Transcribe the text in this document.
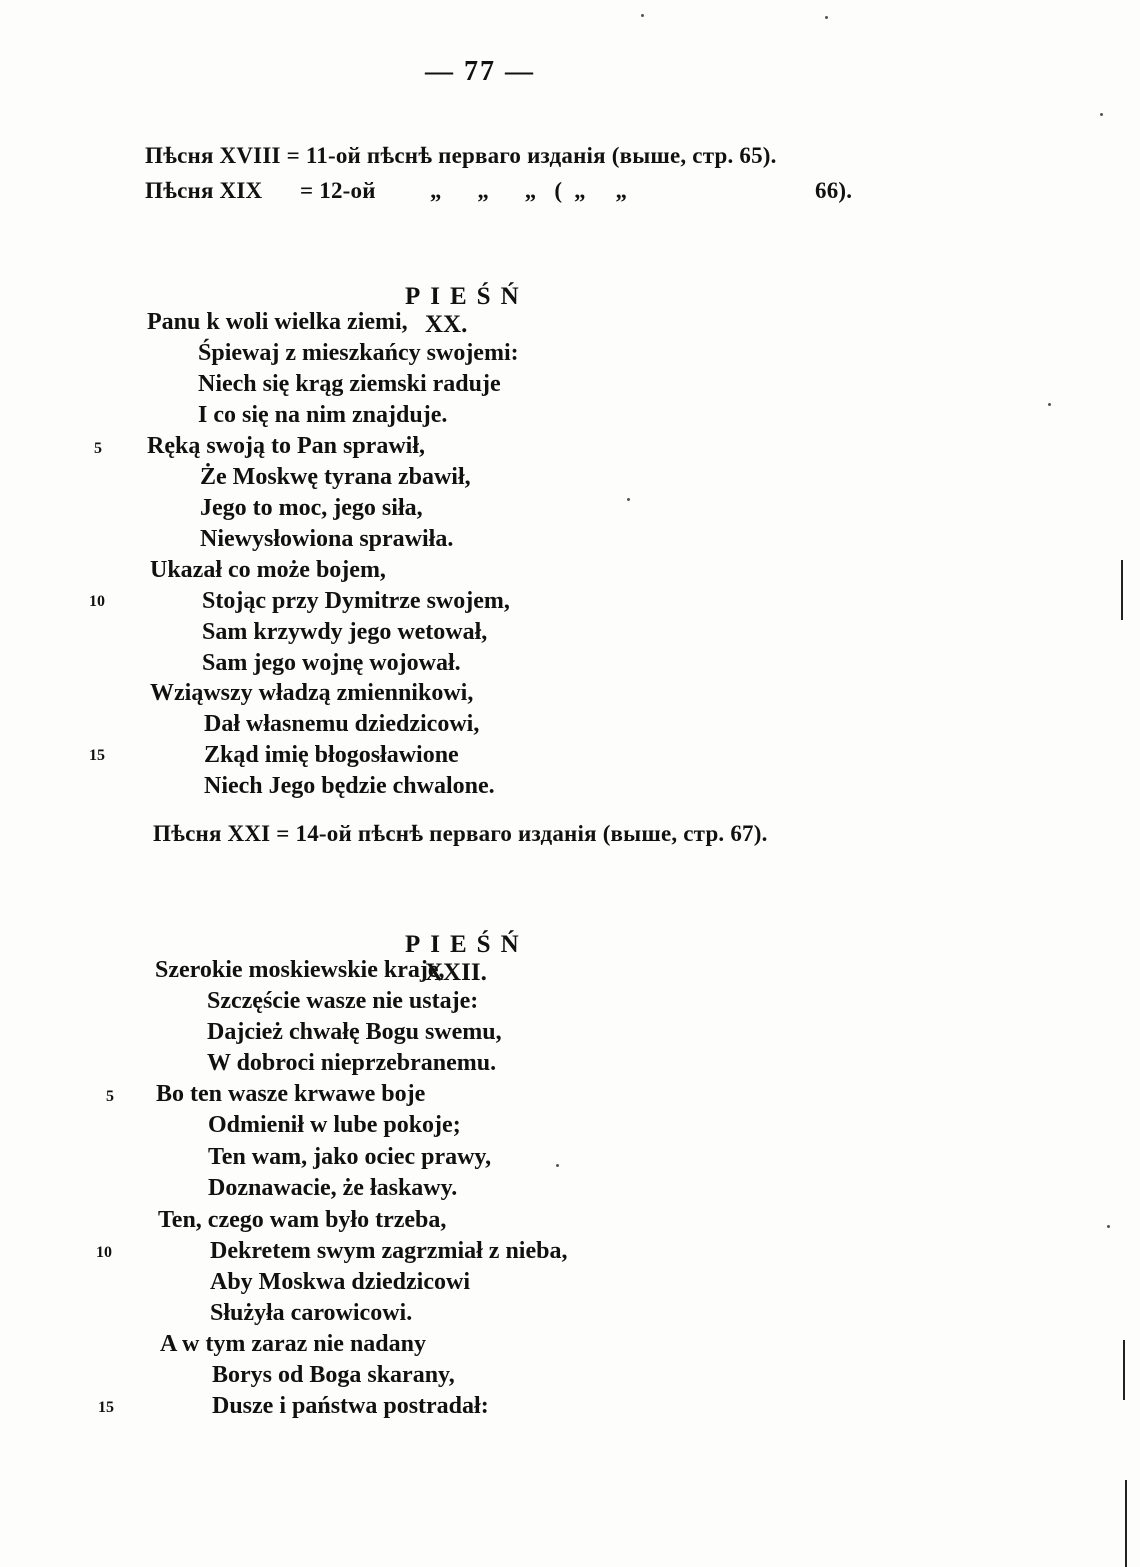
— 77 —
Пѣсня XVIII = 11-ой пѣснѣ перваго изданія (выше, стр. 65).
Пѣсня XIX = 12-ой „      „      „   (  „     „	66).

PIEŚŃ
XX.

Panu k woli wielka ziemi,
Śpiewaj z mieszkańcy swojemi:
Niech się krąg ziemski raduje
I co się na nim znajduje.
5 Ręką swoją to Pan sprawił,
Że Moskwę tyrana zbawił,
Jego to moc, jego siła,
Niewysłowiona sprawiła.
Ukazał co może bojem,
10	Stojąc przy Dymitrze swojem,
Sam krzywdy jego wetował,
Sam jego wojnę wojował.
Wziąwszy władzą zmiennikowi,
Dał własnemu dziedzicowi,
15	Zkąd imię błogosławione
Niech Jego będzie chwalone.
Пѣсня XXI = 14-ой пѣснѣ перваго изданія (выше, стр. 67).

PIEŚŃ
XXII.

Szerokie moskiewskie kraje,
Szczęście wasze nie ustaje:
Dajcież chwałę Bogu swemu,
W dobroci nieprzebranemu.
5 Bo ten wasze krwawe boje
Odmienił w lube pokoje;
Ten wam, jako ociec prawy,
Doznawacie, że łaskawy.
Ten, czego wam było trzeba,
10	Dekretem swym zagrzmiał z nieba,
Aby Moskwa dziedzicowi
Służyła carowicowi.
A w tym zaraz nie nadany
Borys od Boga skarany,
15	Dusze i państwa postradał:
